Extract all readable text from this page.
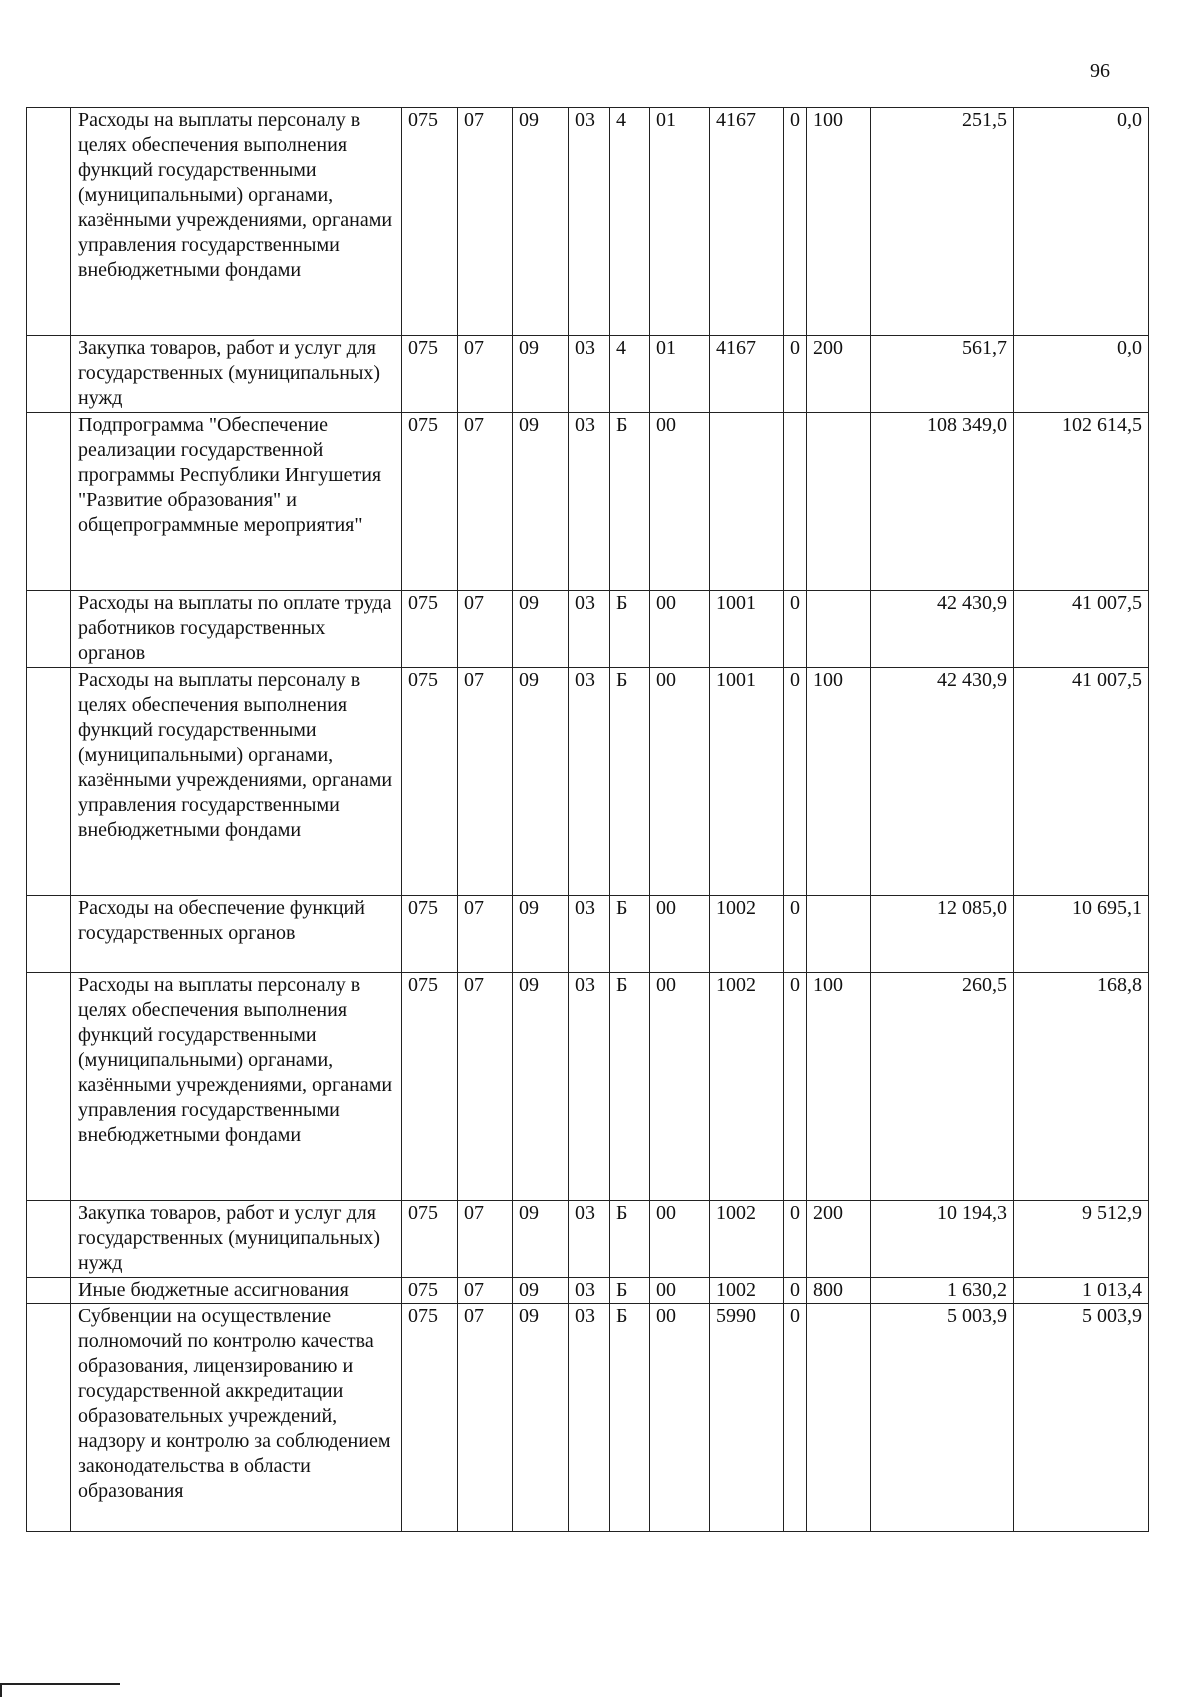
96
	Расходы на выплаты персоналу в целях обеспечения выполнения функций государственными (муниципальными) органами, казёнными учреждениями, органами управления государственными внебюджетными фондами	075	07	09	03	4	01	4167	0	100	251,5	0,0
	Закупка товаров, работ и услуг для государственных (муниципальных) нужд	075	07	09	03	4	01	4167	0	200	561,7	0,0
	Подпрограмма "Обеспечение реализации государственной программы Республики Ингушетия "Развитие образования" и общепрограммные мероприятия"	075	07	09	03	Б	00				108 349,0	102 614,5
	Расходы на выплаты по оплате труда работников государственных органов	075	07	09	03	Б	00	1001	0		42 430,9	41 007,5
	Расходы на выплаты персоналу в целях обеспечения выполнения функций государственными (муниципальными) органами, казёнными учреждениями, органами управления государственными внебюджетными фондами	075	07	09	03	Б	00	1001	0	100	42 430,9	41 007,5
	Расходы на обеспечение функций государственных органов	075	07	09	03	Б	00	1002	0		12 085,0	10 695,1
	Расходы на выплаты персоналу в целях обеспечения выполнения функций государственными (муниципальными) органами, казёнными учреждениями, органами управления государственными внебюджетными фондами	075	07	09	03	Б	00	1002	0	100	260,5	168,8
	Закупка товаров, работ и услуг для государственных (муниципальных) нужд	075	07	09	03	Б	00	1002	0	200	10 194,3	9 512,9
	Иные бюджетные ассигнования	075	07	09	03	Б	00	1002	0	800	1 630,2	1 013,4
	Субвенции на осуществление полномочий по контролю качества образования, лицензированию и государственной аккредитации образовательных учреждений, надзору и контролю за соблюдением законодательства в области образования	075	07	09	03	Б	00	5990	0		5 003,9	5 003,9
